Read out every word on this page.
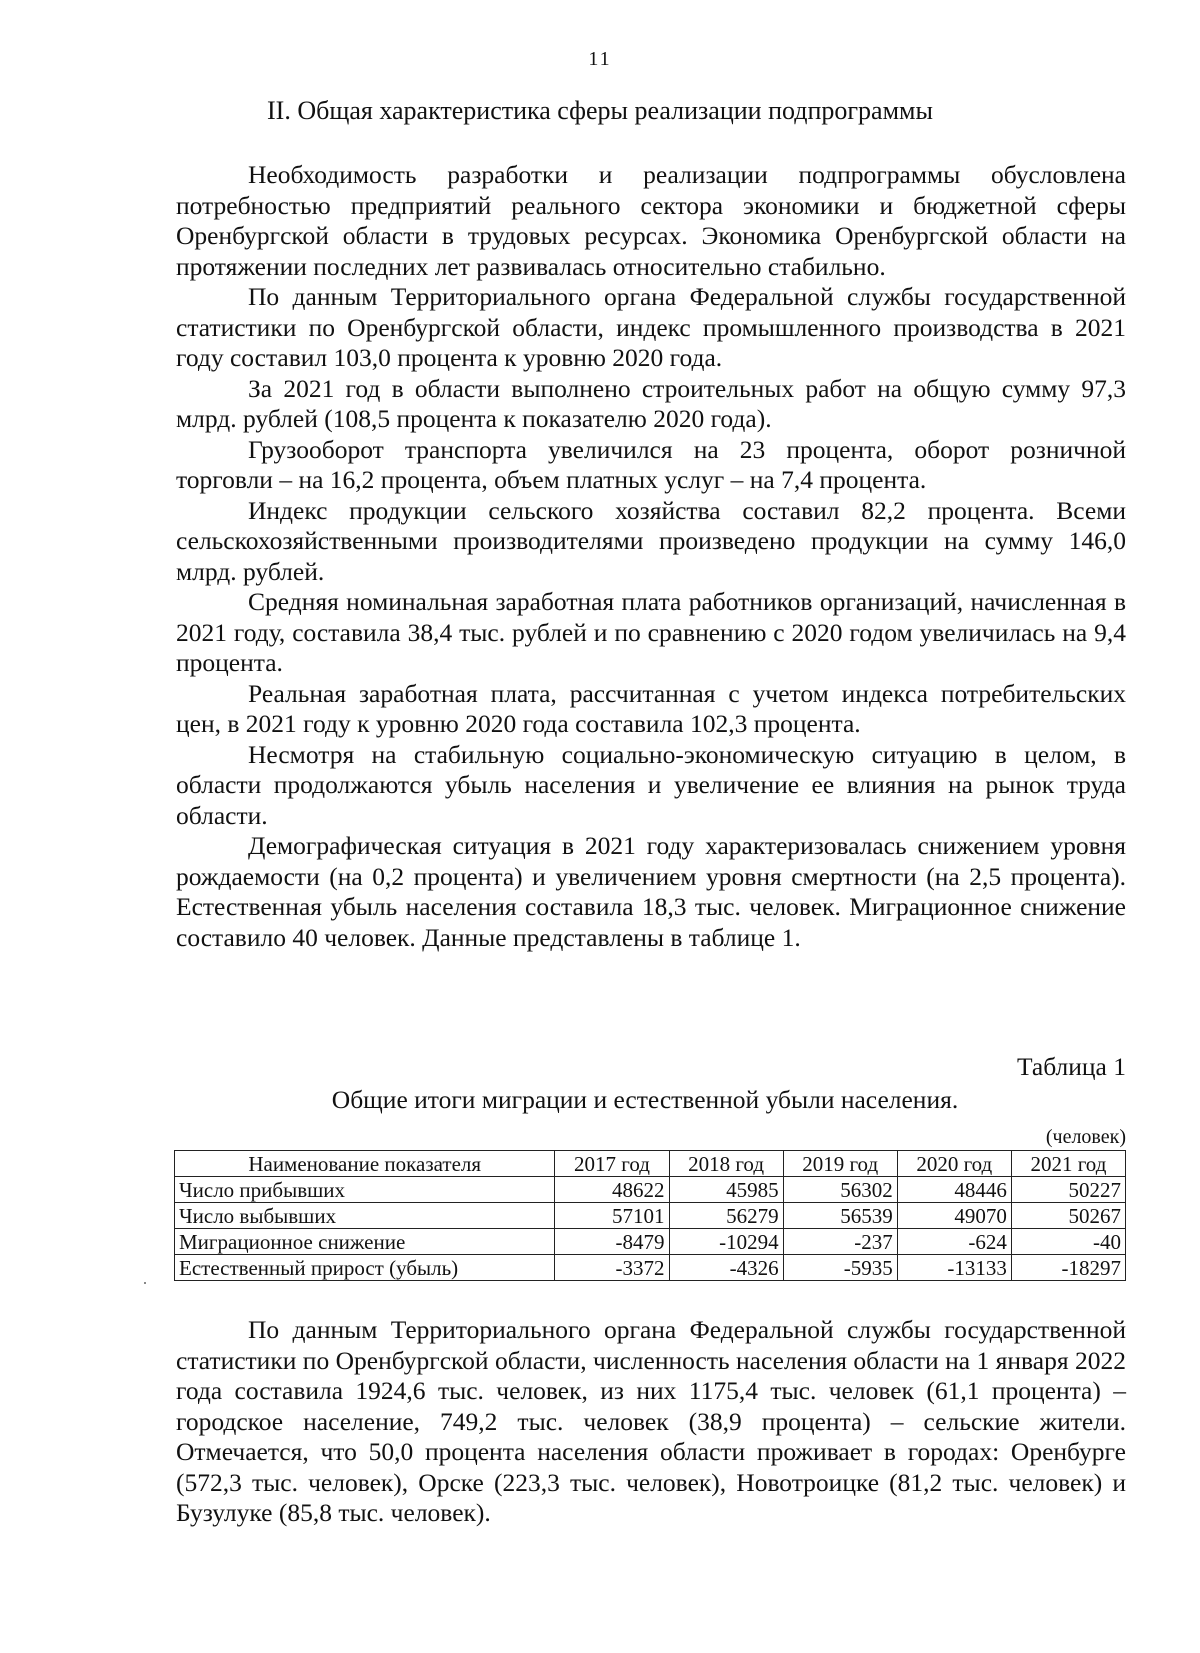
11
II. Общая характеристика сферы реализации подпрограммы

Необходимость разработки и реализации подпрограммы обусловлена потребностью предприятий реального сектора экономики и бюджетной сферы Оренбургской области в трудовых ресурсах. Экономика Оренбургской области на протяжении последних лет развивалась относительно стабильно.

По данным Территориального органа Федеральной службы государственной статистики по Оренбургской области, индекс промышленного производства в 2021 году составил 103,0 процента к уровню 2020 года.

За 2021 год в области выполнено строительных работ на общую сумму 97,3 млрд. рублей (108,5 процента к показателю 2020 года).

Грузооборот транспорта увеличился на 23 процента, оборот розничной торговли – на 16,2 процента, объем платных услуг – на 7,4 процента.

Индекс продукции сельского хозяйства составил 82,2 процента. Всеми сельскохозяйственными производителями произведено продукции на сумму 146,0 млрд. рублей.

Средняя номинальная заработная плата работников организаций, начисленная в 2021 году, составила 38,4 тыс. рублей и по сравнению с 2020 годом увеличилась на 9,4 процента.

Реальная заработная плата, рассчитанная с учетом индекса потребительских цен, в 2021 году к уровню 2020 года составила 102,3 процента.

Несмотря на стабильную социально-экономическую ситуацию в целом, в области продолжаются убыль населения и увеличение ее влияния на рынок труда области.

Демографическая ситуация в 2021 году характеризовалась снижением уровня рождаемости (на 0,2 процента) и увеличением уровня смертности (на 2,5 процента). Естественная убыль населения составила 18,3 тыс. человек. Миграционное снижение составило 40 человек. Данные представлены в таблице 1.

Таблица 1
Общие итоги миграции и естественной убыли населения.
(человек)
Наименование показателя	2017 год	2018 год	2019 год	2020 год	2021 год
Число прибывших	48622	45985	56302	48446	50227
Число выбывших	57101	56279	56539	49070	50267
Миграционное снижение	-8479	-10294	-237	-624	-40
Естественный прирост (убыль)	-3372	-4326	-5935	-13133	-18297

По данным Территориального органа Федеральной службы государственной статистики по Оренбургской области, численность населения области на 1 января 2022 года составила 1924,6 тыс. человек, из них 1175,4 тыс. человек (61,1 процента) – городское население, 749,2 тыс. человек (38,9 процента) – сельские жители. Отмечается, что 50,0 процента населения области проживает в городах: Оренбурге (572,3 тыс. человек), Орске (223,3 тыс. человек), Новотроицке (81,2 тыс. человек) и Бузулуке (85,8 тыс. человек).
